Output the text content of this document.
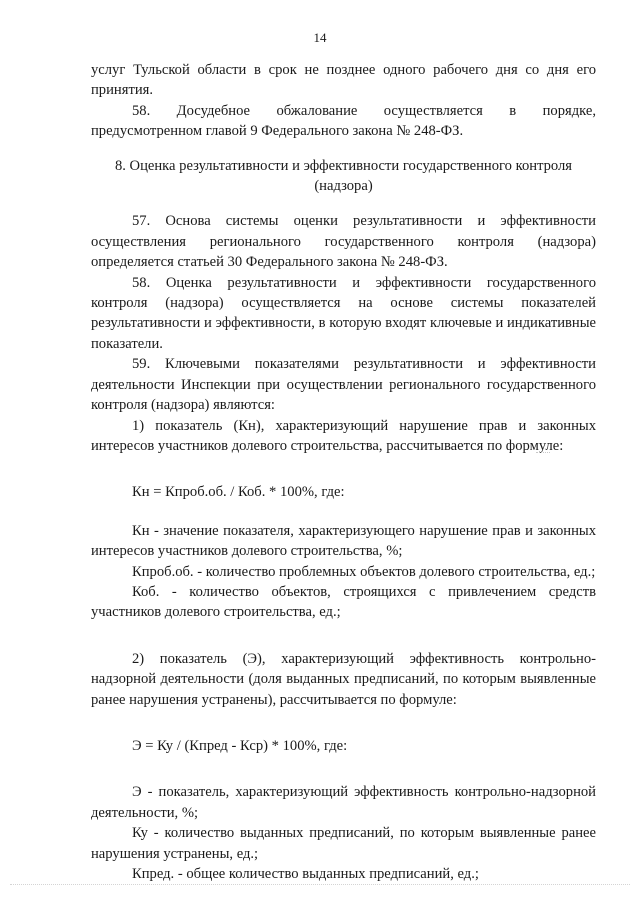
14

услуг Тульской области в срок не позднее одного рабочего дня со дня его принятия.

58. Досудебное обжалование осуществляется в порядке, предусмотренном главой 9 Федерального закона № 248-ФЗ.

8. Оценка результативности и эффективности государственного контроля (надзора)

57. Основа системы оценки результативности и эффективности осуществления регионального государственного контроля (надзора) определяется статьей 30 Федерального закона № 248-ФЗ.

58. Оценка результативности и эффективности государственного контроля (надзора) осуществляется на основе системы показателей результативности и эффективности, в которую входят ключевые и индикативные показатели.

59. Ключевыми показателями результативности и эффективности деятельности Инспекции при осуществлении регионального государственного контроля (надзора) являются:

1) показатель (Кн), характеризующий нарушение прав и законных интересов участников долевого строительства, рассчитывается по формуле:

Кн = Кпроб.об. / Коб. * 100%, где:

Кн - значение показателя, характеризующего нарушение прав и законных интересов участников долевого строительства, %;

Кпроб.об. - количество проблемных объектов долевого строительства, ед.;

Коб. - количество объектов, строящихся с привлечением средств участников долевого строительства, ед.;

2) показатель (Э), характеризующий эффективность контрольно-надзорной деятельности (доля выданных предписаний, по которым выявленные ранее нарушения устранены), рассчитывается по формуле:

Э = Ку / (Кпред - Кср) * 100%, где:

Э - показатель, характеризующий эффективность контрольно-надзорной деятельности, %;

Ку - количество выданных предписаний, по которым выявленные ранее нарушения устранены, ед.;

Кпред. - общее количество выданных предписаний, ед.;
